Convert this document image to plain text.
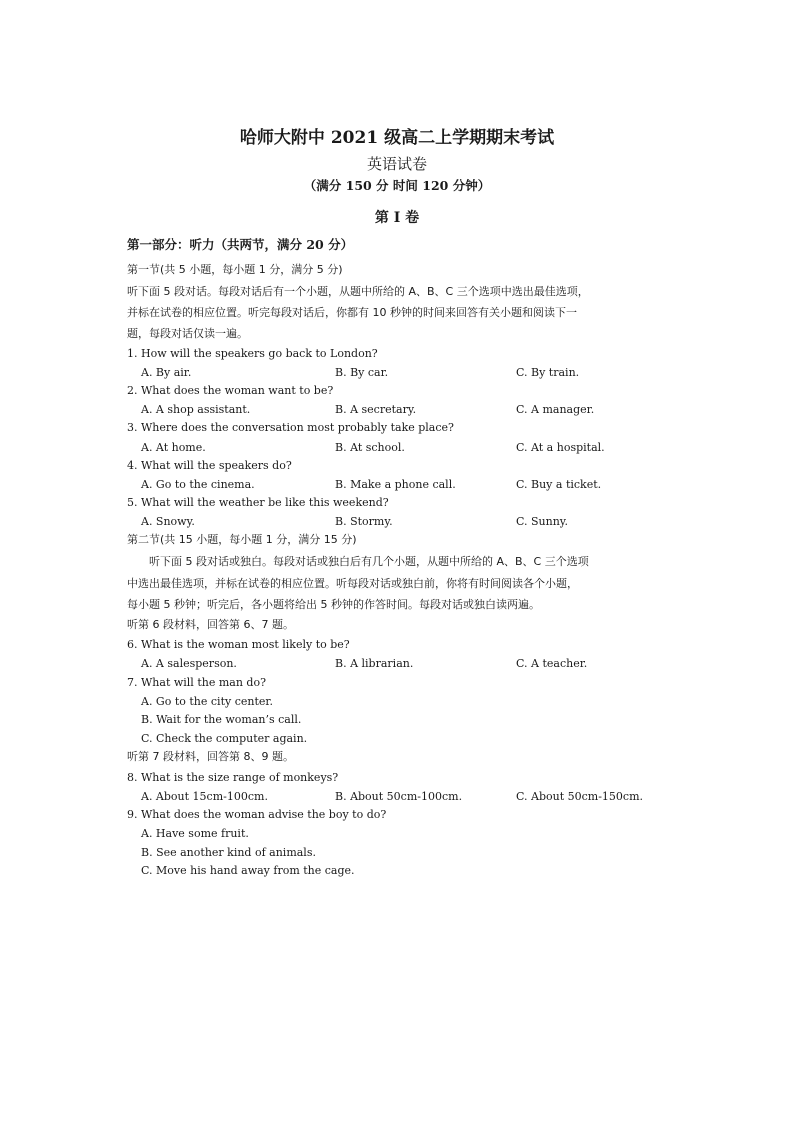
哈师大附中 2021 级高二上学期期末考试
英语试卷
（满分 150 分 时间 120 分钟）
第 I 卷
第一部分：听力（共两节，满分 20 分）
第一节(共 5 小题，每小题 1 分，满分 5 分)
听下面 5 段对话。每段对话后有一个小题，从题中所给的 A、B、C 三个选项中选出最佳选项，
并标在试卷的相应位置。听完每段对话后，你都有 10 秒钟的时间来回答有关小题和阅读下一
题，每段对话仅读一遍。
1. How will the speakers go back to London?
A. By air.	B. By car.	C. By train.
2. What does the woman want to be?
A. A shop assistant.	B. A secretary.	C. A manager.
3. Where does the conversation most probably take place?
A. At home.	B. At school.	C. At a hospital.
4. What will the speakers do?
A. Go to the cinema.	B. Make a phone call.	C. Buy a ticket.
5. What will the weather be like this weekend?
A. Snowy.	B. Stormy.	C. Sunny.
第二节(共 15 小题，每小题 1 分，满分 15 分)
听下面 5 段对话或独白。每段对话或独白后有几个小题，从题中所给的 A、B、C 三个选项
中选出最佳选项，并标在试卷的相应位置。听每段对话或独白前，你将有时间阅读各个小题，
每小题 5 秒钟；听完后，各小题将给出 5 秒钟的作答时间。每段对话或独白读两遍。
听第 6 段材料，回答第 6、7 题。
6. What is the woman most likely to be?
A. A salesperson.	B. A librarian.	C. A teacher.
7. What will the man do?
A. Go to the city center.
B. Wait for the woman’s call.
C. Check the computer again.
听第 7 段材料，回答第 8、9 题。
8. What is the size range of monkeys?
A. About 15cm-100cm.	B. About 50cm-100cm.	C. About 50cm-150cm.
9. What does the woman advise the boy to do?
A. Have some fruit.
B. See another kind of animals.
C. Move his hand away from the cage.
